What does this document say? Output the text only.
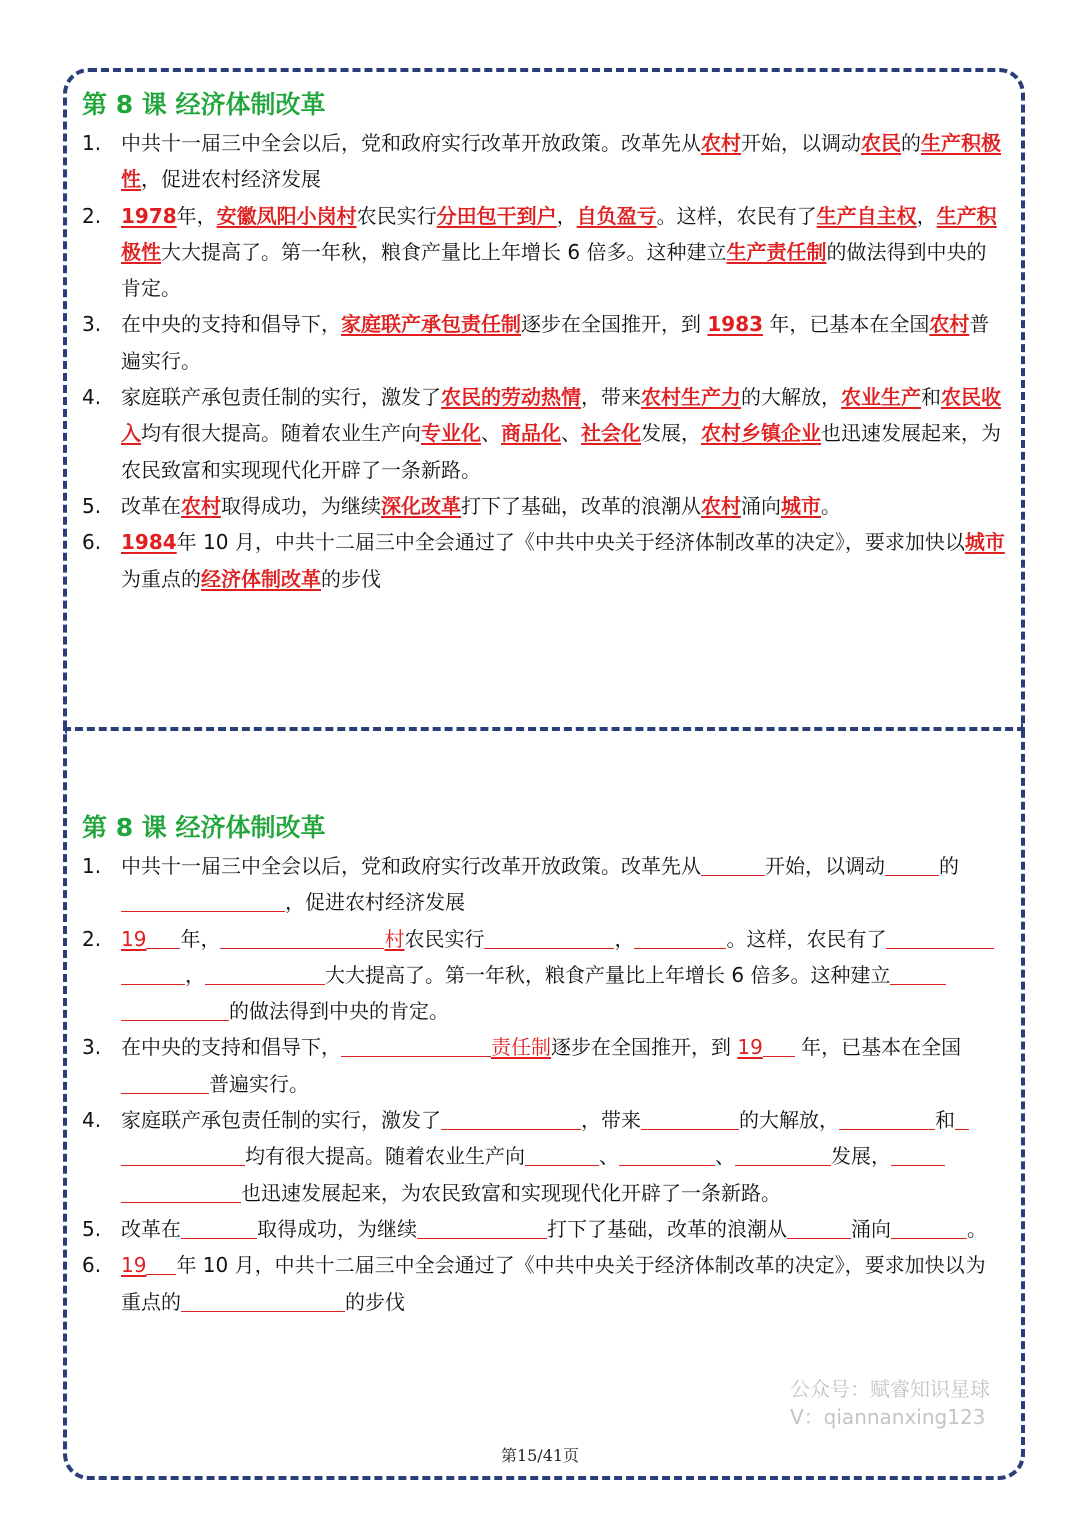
第 8 课 经济体制改革
1. 中共十一届三中全会以后，党和政府实行改革开放政策。改革先从农村开始，以调动农民的生产积极性，促进农村经济发展
2. 1978年，安徽凤阳小岗村农民实行分田包干到户，自负盈亏。这样，农民有了生产自主权，生产积极性大大提高了。第一年秋，粮食产量比上年增长 6 倍多。这种建立生产责任制的做法得到中央的肯定。
3. 在中央的支持和倡导下，家庭联产承包责任制逐步在全国推开，到 1983 年，已基本在全国农村普遍实行。
4. 家庭联产承包责任制的实行，激发了农民的劳动热情，带来农村生产力的大解放，农业生产和农民收入均有很大提高。随着农业生产向专业化、商品化、社会化发展，农村乡镇企业也迅速发展起来，为农民致富和实现现代化开辟了一条新路。
5. 改革在农村取得成功，为继续深化改革打下了基础，改革的浪潮从农村涌向城市。
6. 1984年 10 月，中共十二届三中全会通过了《中共中央关于经济体制改革的决定》，要求加快以城市为重点的经济体制改革的步伐
第 8 课 经济体制改革
1. 中共十一届三中全会以后，党和政府实行改革开放政策。改革先从	开始，以调动	的，促进农村经济发展
2. 19 年，	村农民实行	，	。这样，农民有了，	大大提高了。第一年秋，粮食产量比上年增长 6 倍多。这种建立的做法得到中央的肯定。
3. 在中央的支持和倡导下，	责任制逐步在全国推开，到 19 年，已基本在全国普遍实行。
4. 家庭联产承包责任制的实行，激发了	，带来	的大解放，	和均有很大提高。随着农业生产向	、	、	发展，也迅速发展起来，为农民致富和实现现代化开辟了一条新路。
5. 改革在	取得成功，为继续	打下了基础，改革的浪潮从	涌向	。
6. 19 年 10 月，中共十二届三中全会通过了《中共中央关于经济体制改革的决定》，要求加快以为重点的	的步伐
公众号：赋睿知识星球
V：qiannanxing123
第15/41页
